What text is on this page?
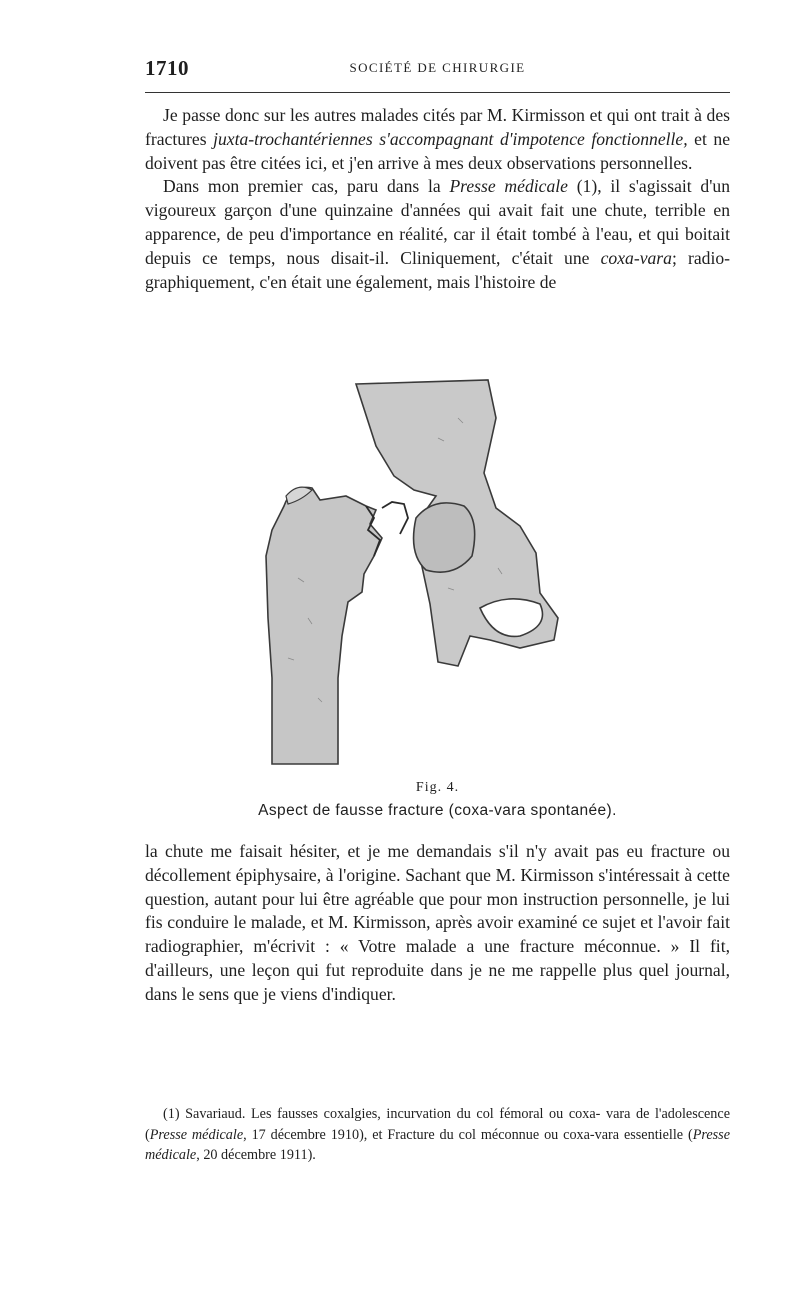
1710	SOCIÉTÉ DE CHIRURGIE

Je passe donc sur les autres malades cités par M. Kirmisson et qui ont trait à des fractures juxta-trochantériennes s'accompagnant d'impotence fonctionnelle, et ne doivent pas être citées ici, et j'en arrive à mes deux observations personnelles.

Dans mon premier cas, paru dans la Presse médicale (1), il s'agissait d'un vigoureux garçon d'une quinzaine d'années qui avait fait une chute, terrible en apparence, de peu d'importance en réalité, car il était tombé à l'eau, et qui boitait depuis ce temps, nous disait-il. Cliniquement, c'était une coxa-vara; radio- graphiquement, c'en était une également, mais l'histoire de

Fig. 4.
Aspect de fausse fracture (coxa-vara spontanée).

la chute me faisait hésiter, et je me demandais s'il n'y avait pas eu fracture ou décollement épiphysaire, à l'origine. Sachant que M. Kirmisson s'intéressait à cette question, autant pour lui être agréable que pour mon instruction personnelle, je lui fis conduire le malade, et M. Kirmisson, après avoir examiné ce sujet et l'avoir fait radiographier, m'écrivit : « Votre malade a une fracture méconnue. » Il fit, d'ailleurs, une leçon qui fut reproduite dans je ne me rappelle plus quel journal, dans le sens que je viens d'indiquer.

(1) Savariaud. Les fausses coxalgies, incurvation du col fémoral ou coxa- vara de l'adolescence (Presse médicale, 17 décembre 1910), et Fracture du col méconnue ou coxa-vara essentielle (Presse médicale, 20 décembre 1911).
